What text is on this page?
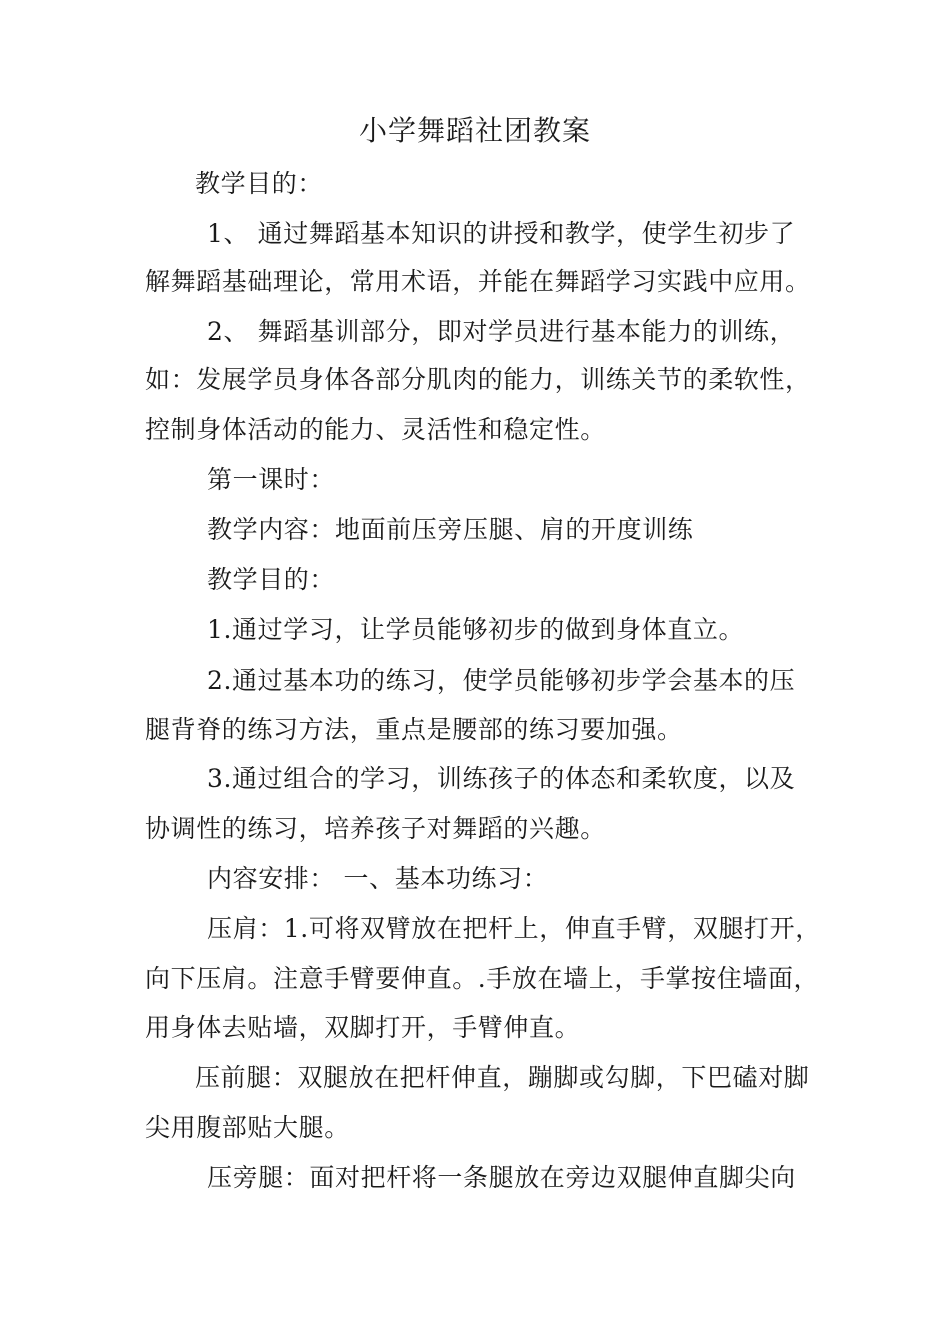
小学舞蹈社团教案
教学目的：
1、 通过舞蹈基本知识的讲授和教学，使学生初步了
解舞蹈基础理论，常用术语，并能在舞蹈学习实践中应用。
2、 舞蹈基训部分，即对学员进行基本能力的训练，
如：发展学员身体各部分肌肉的能力，训练关节的柔软性，
控制身体活动的能力、灵活性和稳定性。
第一课时：
教学内容：地面前压旁压腿、肩的开度训练
教学目的：
1.通过学习，让学员能够初步的做到身体直立。
2.通过基本功的练习，使学员能够初步学会基本的压
腿背脊的练习方法，重点是腰部的练习要加强。
3.通过组合的学习，训练孩子的体态和柔软度，以及
协调性的练习，培养孩子对舞蹈的兴趣。
内容安排： 一、基本功练习：
压肩：1.可将双臂放在把杆上，伸直手臂，双腿打开，
向下压肩。注意手臂要伸直。.手放在墙上，手掌按住墙面，
用身体去贴墙，双脚打开，手臂伸直。
压前腿：双腿放在把杆伸直，蹦脚或勾脚，下巴磕对脚
尖用腹部贴大腿。
压旁腿：面对把杆将一条腿放在旁边双腿伸直脚尖向
